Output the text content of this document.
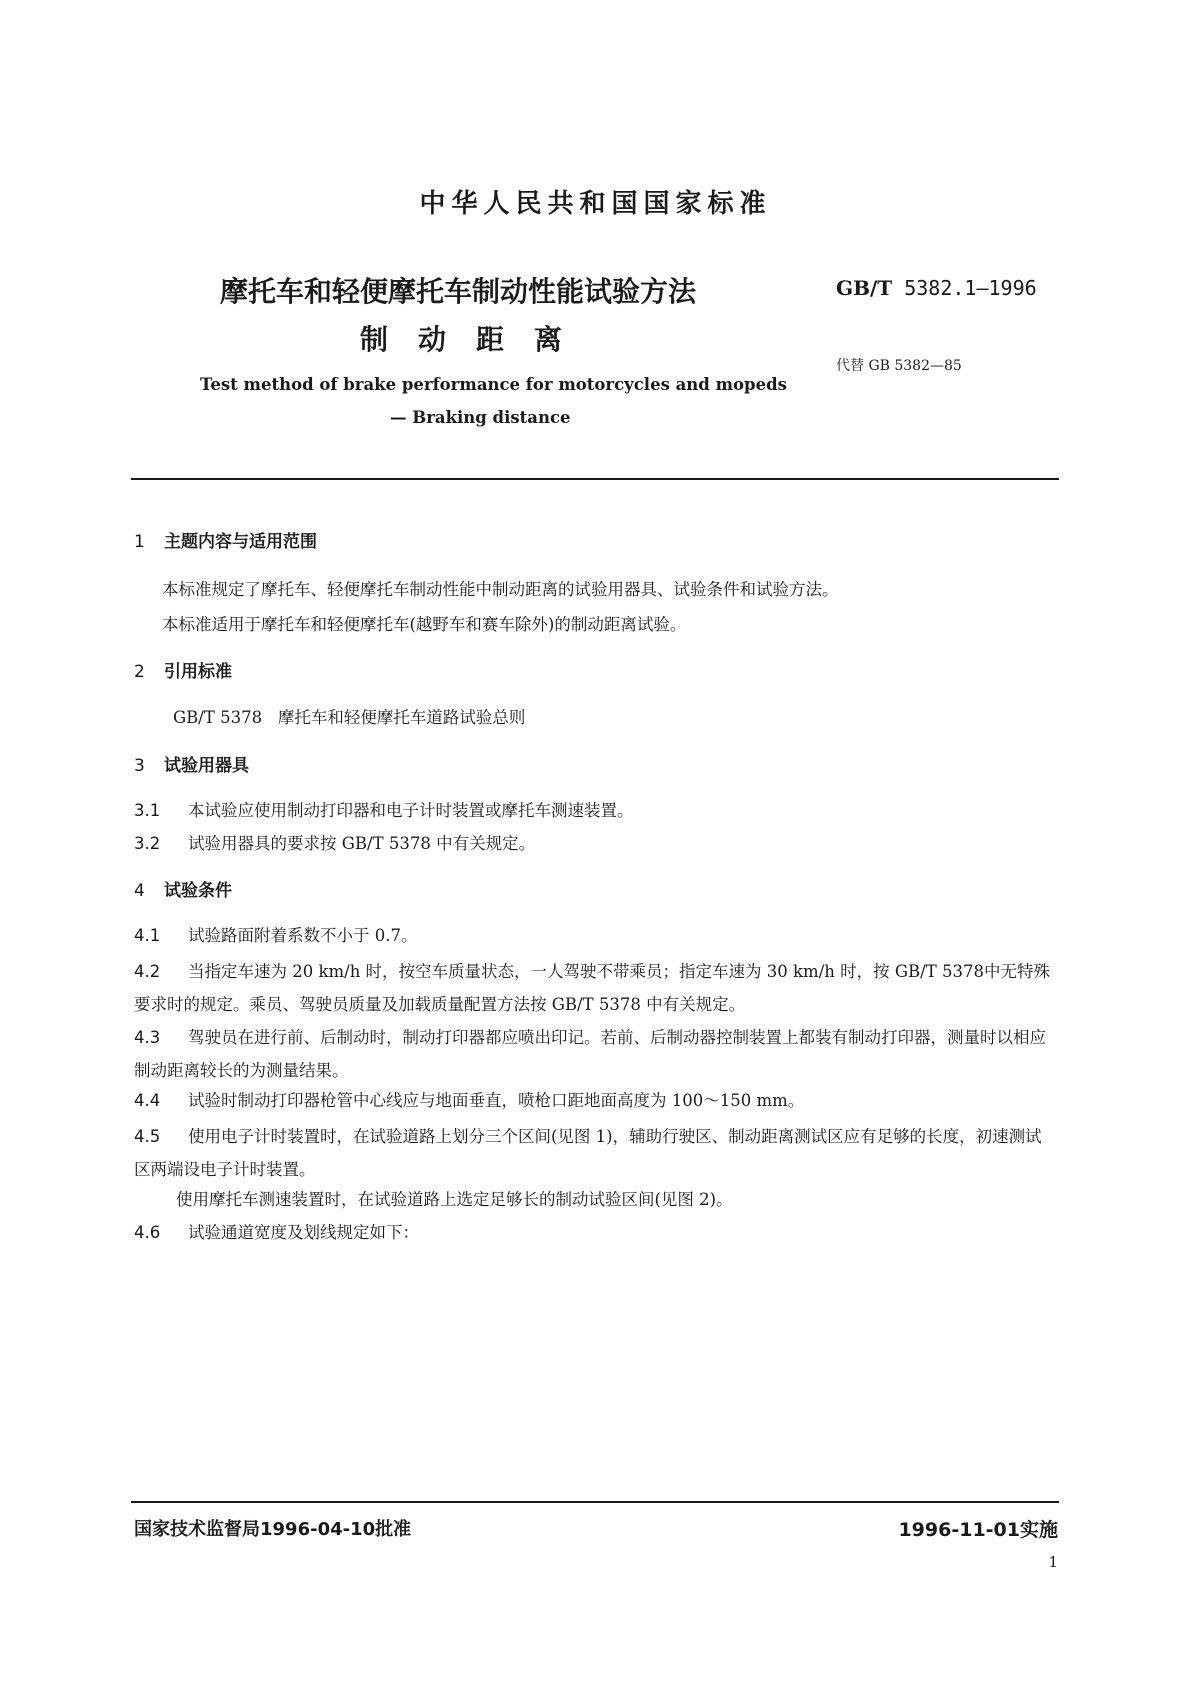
中华人民共和国国家标准
摩托车和轻便摩托车制动性能试验方法
制动距离
GB/T 5382.1—1996
代替 GB 5382—85
Test method of brake performance for motorcycles and mopeds
— Braking distance
1 主题内容与适用范围
本标准规定了摩托车、轻便摩托车制动性能中制动距离的试验用器具、试验条件和试验方法。
本标准适用于摩托车和轻便摩托车(越野车和赛车除外)的制动距离试验。
2 引用标准
GB/T 5378 摩托车和轻便摩托车道路试验总则
3 试验用器具
3.1 本试验应使用制动打印器和电子计时装置或摩托车测速装置。
3.2 试验用器具的要求按 GB/T 5378 中有关规定。
4 试验条件
4.1 试验路面附着系数不小于 0.7。
4.2 当指定车速为 20 km/h 时，按空车质量状态，一人驾驶不带乘员；指定车速为 30 km/h 时，按 GB/T 5378中无特殊要求时的规定。乘员、驾驶员质量及加载质量配置方法按 GB/T 5378 中有关规定。
4.3 驾驶员在进行前、后制动时，制动打印器都应喷出印记。若前、后制动器控制装置上都装有制动打印器，测量时以相应制动距离较长的为测量结果。
4.4 试验时制动打印器枪管中心线应与地面垂直，喷枪口距地面高度为 100～150 mm。
4.5 使用电子计时装置时，在试验道路上划分三个区间(见图 1)，辅助行驶区、制动距离测试区应有足够的长度，初速测试区两端设电子计时装置。
使用摩托车测速装置时，在试验道路上选定足够长的制动试验区间(见图 2)。
4.6 试验通道宽度及划线规定如下：
国家技术监督局1996-04-10批准	1996-11-01实施
1
